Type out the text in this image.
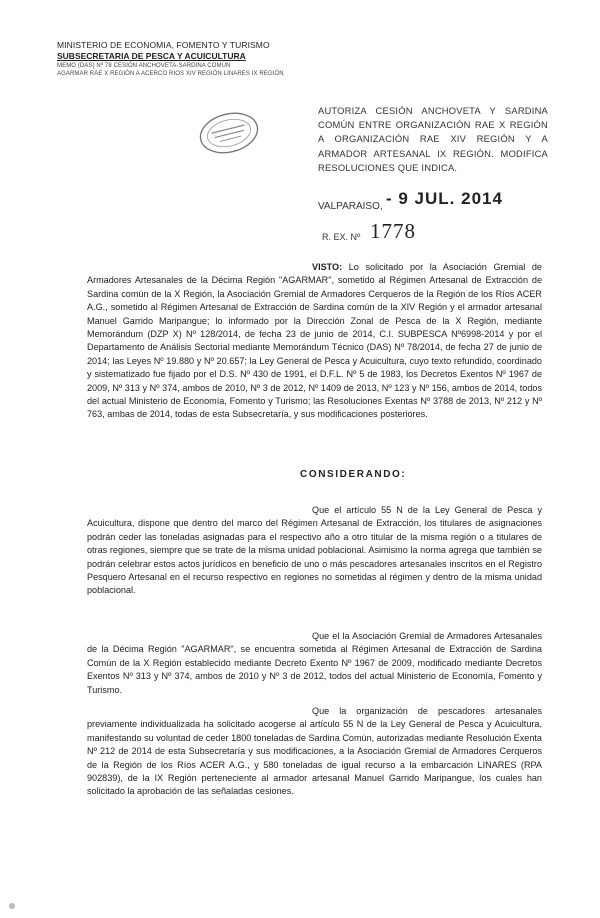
MINISTERIO DE ECONOMIA, FOMENTO Y TURISMO
SUBSECRETARIA DE PESCA Y ACUICULTURA
MEMO (DAS) Nº 78 CESIÓN ANCHOVETA-SARDINA COMÚN
AGARMAR RAE X REGIÓN A ACERCO RIOS XIV REGIÓN LINARES IX REGIÓN
AUTORIZA CESIÓN ANCHOVETA Y SARDINA COMÚN ENTRE ORGANIZACIÓN RAE X REGIÓN A ORGANIZACIÓN RAE XIV REGIÓN Y A ARMADOR ARTESANAL IX REGIÓN. MODIFICA RESOLUCIONES QUE INDICA.
VALPARAISO, - 9 JUL. 2014
R. EX. Nº 1778
VISTO: Lo solicitado por la Asociación Gremial de Armadores Artesanales de la Décima Región "AGARMAR", sometido al Régimen Artesanal de Extracción de Sardina común de la X Región, la Asociación Gremial de Armadores Cerqueros de la Región de los Ríos ACER A.G., sometido al Régimen Artesanal de Extracción de Sardina común de la XIV Región y el armador artesanal Manuel Garrido Maripangue; lo informado por la Dirección Zonal de Pesca de la X Región, mediante Memorándum (DZP X) Nº 128/2014, de fecha 23 de junio de 2014, C.I. SUBPESCA Nº6998-2014 y por el Departamento de Análisis Sectorial mediante Memorándum Técnico (DAS) Nº 78/2014, de fecha 27 de junio de 2014; las Leyes Nº 19.880 y Nº 20.657; la Ley General de Pesca y Acuicultura, cuyo texto refundido, coordinado y sistematizado fue fijado por el D.S. Nº 430 de 1991, el D.F.L. Nº 5 de 1983, los Decretos Exentos Nº 1967 de 2009, Nº 313 y Nº 374, ambos de 2010, Nº 3 de 2012, Nº 1409 de 2013, Nº 123 y Nº 156, ambos de 2014, todos del actual Ministerio de Economía, Fomento y Turismo; las Resoluciones Exentas Nº 3788 de 2013, Nº 212 y Nº 763, ambas de 2014, todas de esta Subsecretaría, y sus modificaciones posteriores.
CONSIDERANDO:
Que el artículo 55 N de la Ley General de Pesca y Acuicultura, dispone que dentro del marco del Régimen Artesanal de Extracción, los titulares de asignaciones podrán ceder las toneladas asignadas para el respectivo año a otro titular de la misma región o a titulares de otras regiones, siempre que se trate de la misma unidad poblacional. Asimismo la norma agrega que también se podrán celebrar estos actos jurídicos en beneficio de uno o más pescadores artesanales inscritos en el Registro Pesquero Artesanal en el recurso respectivo en regiones no sometidas al régimen y dentro de la misma unidad poblacional.
Que el la Asociación Gremial de Armadores Artesanales de la Décima Región "AGARMAR", se encuentra sometida al Régimen Artesanal de Extracción de Sardina Común de la X Región establecido mediante Decreto Exento Nº 1967 de 2009, modificado mediante Decretos Exentos Nº 313 y Nº 374, ambos de 2010 y Nº 3 de 2012, todos del actual Ministerio de Economía, Fomento y Turismo.
Que la organización de pescadores artesanales previamente individualizada ha solicitado acogerse al artículo 55 N de la Ley General de Pesca y Acuicultura, manifestando su voluntad de ceder 1800 toneladas de Sardina Común, autorizadas mediante Resolución Exenta Nº 212 de 2014 de esta Subsecretaría y sus modificaciones, a la Asociación Gremial de Armadores Cerqueros de la Región de los Ríos ACER A.G., y 580 toneladas de igual recurso a la embarcación LINARES (RPA 902839), de la IX Región perteneciente al armador artesanal Manuel Garrido Maripangue, los cuales han solicitado la aprobación de las señaladas cesiones.
